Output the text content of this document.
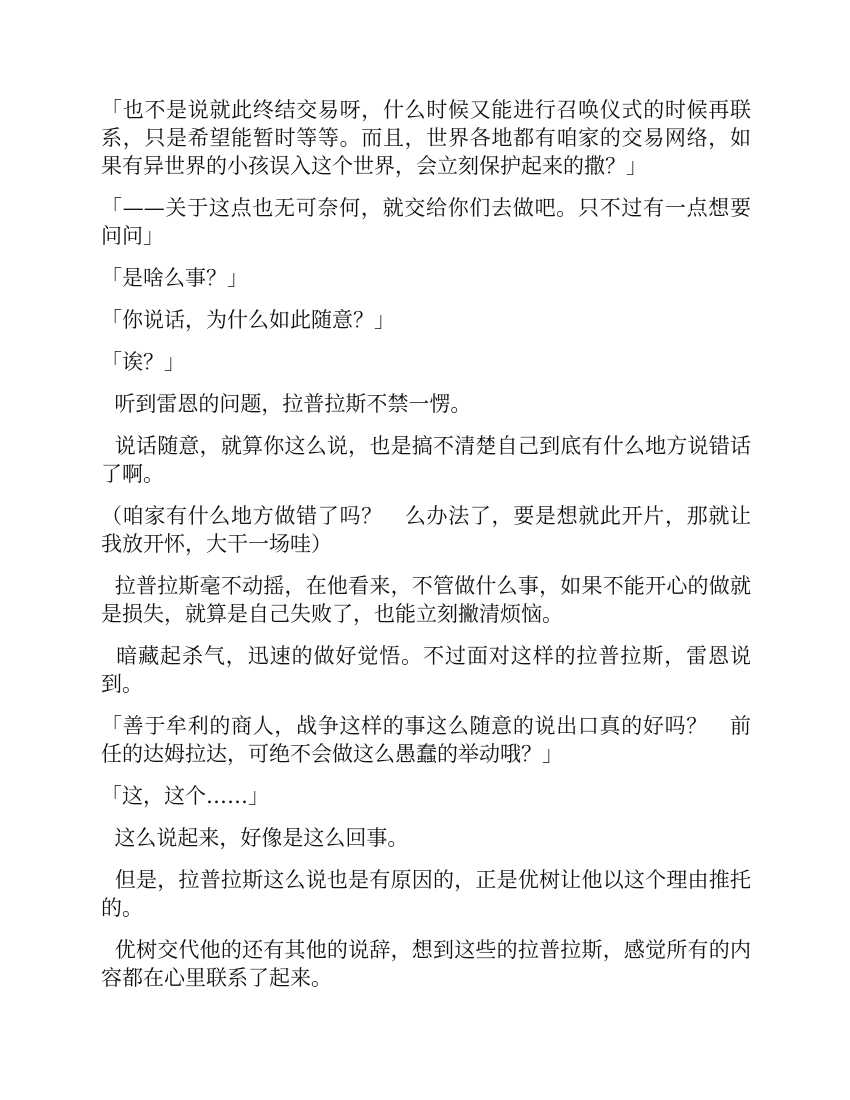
「也不是说就此终结交易呀，什么时候又能进行召唤仪式的时候再联系，只是希望能暂时等等。而且，世界各地都有咱家的交易网络，如果有异世界的小孩误入这个世界，会立刻保护起来的撒？」

「——关于这点也无可奈何，就交给你们去做吧。只不过有一点想要问问」

「是啥么事？」

「你说话，为什么如此随意？」

「诶？」

听到雷恩的问题，拉普拉斯不禁一愣。

说话随意，就算你这么说，也是搞不清楚自己到底有什么地方说错话了啊。

（咱家有什么地方做错了吗？   么办法了，要是想就此开片，那就让我放开怀，大干一场哇）

拉普拉斯毫不动摇，在他看来，不管做什么事，如果不能开心的做就是损失，就算是自己失败了，也能立刻撇清烦恼。

暗藏起杀气，迅速的做好觉悟。不过面对这样的拉普拉斯，雷恩说到。

「善于牟利的商人，战争这样的事这么随意的说出口真的好吗？   前任的达姆拉达，可绝不会做这么愚蠢的举动哦？」

「这，这个……」

这么说起来，好像是这么回事。

但是，拉普拉斯这么说也是有原因的，正是优树让他以这个理由推托的。

优树交代他的还有其他的说辞，想到这些的拉普拉斯，感觉所有的内容都在心里联系了起来。
